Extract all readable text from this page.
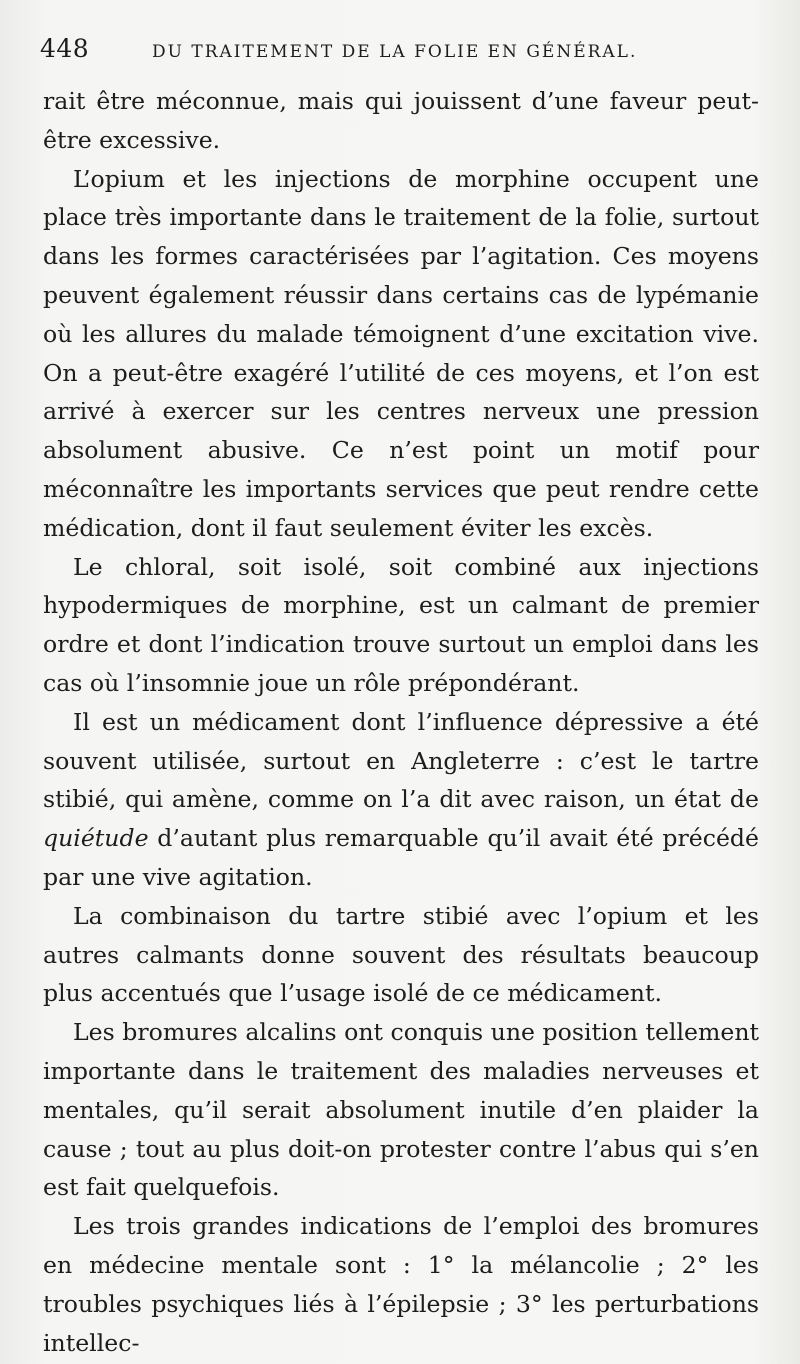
448	DU TRAITEMENT DE LA FOLIE EN GÉNÉRAL.

rait être méconnue, mais qui jouissent d’une faveur peut-être excessive.

L’opium et les injections de morphine occupent une place très importante dans le traitement de la folie, surtout dans les formes caractérisées par l’agitation. Ces moyens peuvent également réussir dans certains cas de lypémanie où les allures du malade témoignent d’une excitation vive. On a peut-être exagéré l’utilité de ces moyens, et l’on est arrivé à exercer sur les centres nerveux une pression absolument abusive. Ce n’est point un motif pour méconnaître les importants services que peut rendre cette médication, dont il faut seulement éviter les excès.

Le chloral, soit isolé, soit combiné aux injections hypodermiques de morphine, est un calmant de premier ordre et dont l’indication trouve surtout un emploi dans les cas où l’insomnie joue un rôle prépondérant.

Il est un médicament dont l’influence dépressive a été souvent utilisée, surtout en Angleterre : c’est le tartre stibié, qui amène, comme on l’a dit avec raison, un état de quiétude d’autant plus remarquable qu’il avait été précédé par une vive agitation.

La combinaison du tartre stibié avec l’opium et les autres calmants donne souvent des résultats beaucoup plus accentués que l’usage isolé de ce médicament.

Les bromures alcalins ont conquis une position tellement importante dans le traitement des maladies nerveuses et mentales, qu’il serait absolument inutile d’en plaider la cause ; tout au plus doit-on protester contre l’abus qui s’en est fait quelquefois.

Les trois grandes indications de l’emploi des bromures en médecine mentale sont : 1° la mélancolie ; 2° les troubles psychiques liés à l’épilepsie ; 3° les perturbations intellec-
